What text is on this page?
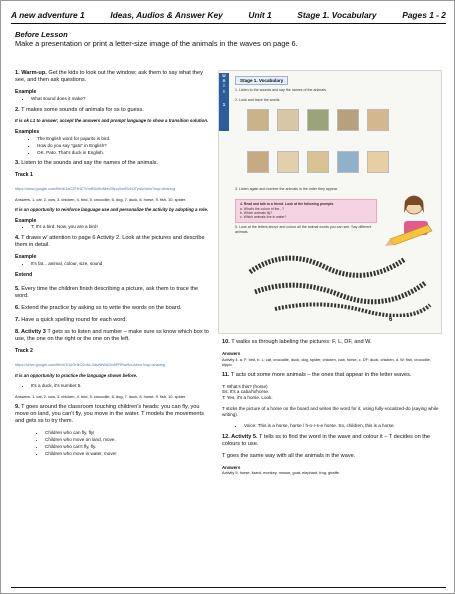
A new adventure 1	Ideas, Audios & Answer Key	Unit 1	Stage 1. Vocabulary	Pages 1 - 2
Before Lesson
Make a presentation or print a letter-size image of the animals in the waves on page 6.

1. Warm-up. Get the kids to look out the window; ask them to say what they see, and then ask questions.

Example
• What sound does it make?

2. T makes some sounds of animals for ss to guess.

It is ok L1 to answer; accept the answers and prompt language to show a transition solution.

Examples
• The English word for pajarito is bird.
• How do you say “gato” in English?
• OK. Pato. That’s duck in English.

3. Listen to the sounds and say the names of the animals.

Track 1

https://www.google.com/file/d/1aCZFtHZ7VmRDd5uNbnJ9lpqXw9Sch0TyrAl/view?usp=sharing

Answers. 1. cat, 2. cow, 3. chicken, 4. bird, 5. crocodile, 6. dog, 7. duck, 8. horse, 9. fish, 10. spider.

It is an opportunity to reinforce language use and personalize the activity by adopting a role.

Example
• T: It's a bird. Now, you are a bird!

4. T draws w' attention to page 6 Activity 2. Look at the pictures and describe them in detail.

Example
• It's fat... animal, colour, size, sound

Extend

5. Every time the children finish describing a picture, ask them to trace the word.

6. Extend the practice by asking ss to write the words on the board.

7. Have a quick spelling round for each word.

8. Activity 3 T gets ss to listen and number – make sure ss know which box to use, the one on the right or the one on the left.

Track 2

https://drive.google.com/file/d/1hUGrIkO2nNL3dsWfWA0mftPRRwHuu/view?usp=sharing

It is an opportunity to practice the language shown before.

• It's a duck, it's number 5.

Answers. 1. cat, 2. cow, 3. chicken, 4. bird, 5. crocodile, 6. dog, 7. duck, 8. horse, 9. fish, 10. spider.

9. T goes around the classroom touching children's heads: you can fly, you move on land, you can't fly, you move in the water. T models the movements and gets ss to try them.

• Children who can fly, fly!
• Children who move on land, move.
• Children who can't fly, fly.
• Children who move in water, move!
U
n
i
t
1
Stage 1. Vocabulary
1. Listen to the sounds and say the names of the animals.
2. Look and trace the words.
3. Listen again and number the animals in the order they appear.
4. Read and talk to a friend. Look at the following prompts
a. What's the colour of the...?
b. Which animals fly?
c. Which animals live in water?
5. Look at the letters above and colour all the animal words you can see. Say different animals.
6

10. T walks ss through labeling the pictures: F, L, DF, and W.

Answers

Activity 4. a. F: bird, b. L: cat, crocodile, duck, dog, spider, chicken, cow, horse, c. DF: duck, chicken, d. W: fish, crocodile, hippo.

11. T acts out some more animals – the ones that appear in the letter waves.

T: What's this? (horse)
Ss: It's a cabal'o/horse.
T: Yes, it's a horse. Look.

T sticks the picture of a horse on the board and writes the word for it, using fully-vocalized-do (saying while writing).

• Voice: This is a horse, horse / h-o-r-s-e horse. So, children, this is a horse.

12. Activity 5. T tells ss to find the word in the wave and colour it – T decides on the colours to use.

T goes the same way with all the animals in the wave.

Answers

Activity 5. horse, lizard, monkey, mouse, goat, elephant, frog, giraffe.
